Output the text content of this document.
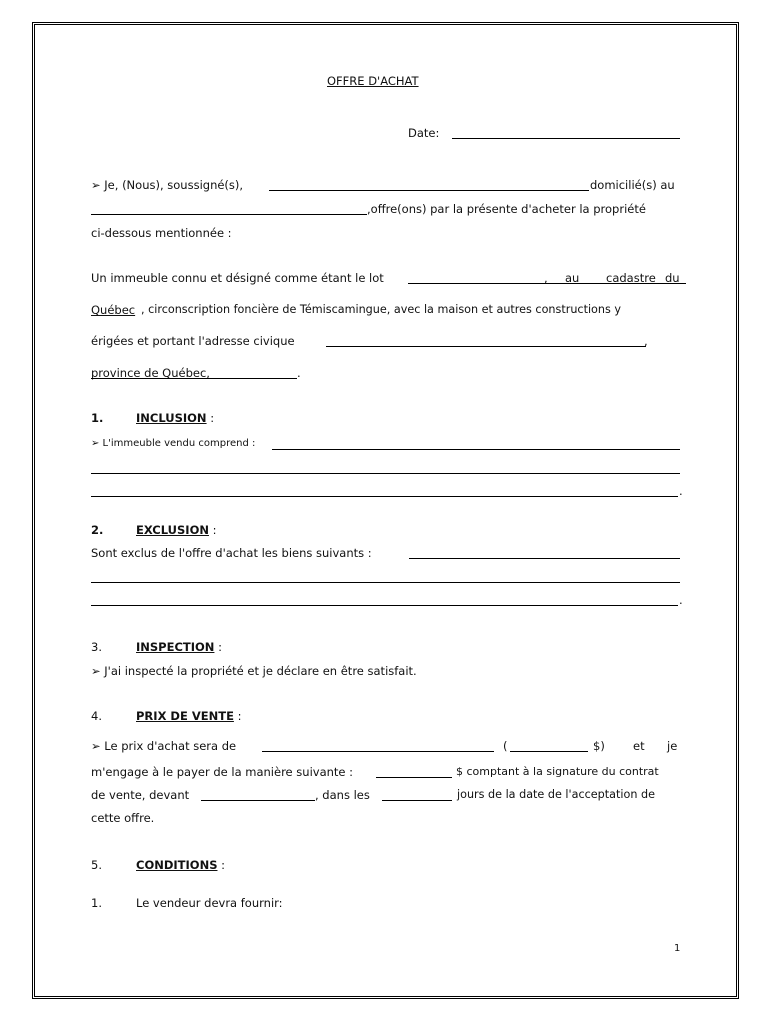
OFFRE D'ACHAT
Date:
➢ Je, (Nous), soussigné(s),	domicilié(s) au
,offre(ons) par la présente d'acheter la propriété
ci-dessous mentionnée :
Un immeuble connu et désigné comme étant le lot	, au cadastre du
Québec , circonscription foncière de Témiscamingue, avec la maison et autres constructions y
érigées et portant l'adresse civique	,
province de Québec,	.
1.	INCLUSION :
➢ L'immeuble vendu comprend :
.
2.	EXCLUSION :
Sont exclus de l'offre d'achat les biens suivants :
.
3.	INSPECTION :
➢ J'ai inspecté la propriété et je déclare en être satisfait.
4.	PRIX DE VENTE :
➢ Le prix d'achat sera de	(	$) et je
m'engage à le payer de la manière suivante :	$ comptant à la signature du contrat
de vente, devant	, dans les	jours de la date de l'acceptation de
cette offre.
5.	CONDITIONS :
1.	Le vendeur devra fournir:
1
